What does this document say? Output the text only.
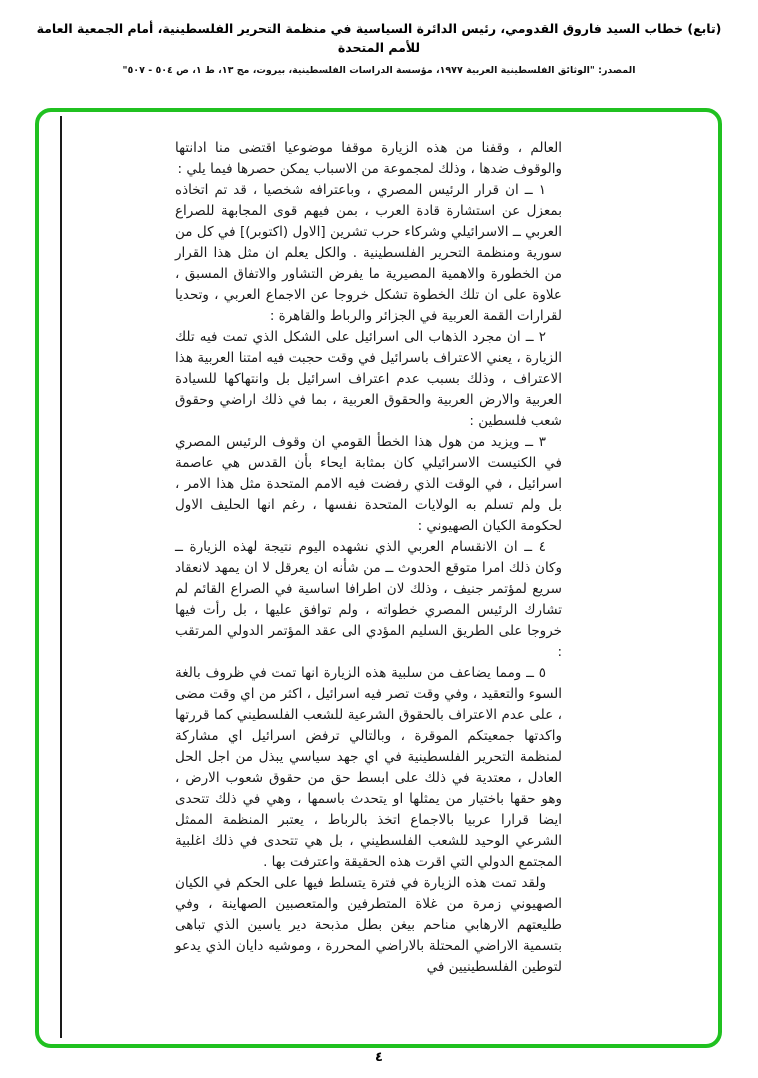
(تابع) خطاب السيد فاروق القدومي، رئيس الدائرة السياسية في منظمة التحرير الفلسطينية، أمام الجمعية العامة للأمم المتحدة
المصدر: "الوثائق الفلسطينية العربية ١٩٧٧، مؤسسة الدراسات الفلسطينية، بيروت، مج ١٣، ط ١، ص ٥٠٤ - ٥٠٧"

العالم ، وقفنا من هذه الزيارة موقفا موضوعيا اقتضى منا ادانتها والوقوف ضدها ، وذلك لمجموعة من الاسباب يمكن حصرها فيما يلي :

١ ــ ان قرار الرئيس المصري ، وباعترافه شخصيا ، قد تم اتخاذه بمعزل عن استشارة قادة العرب ، بمن فيهم قوى المجابهة للصراع العربي ــ الاسرائيلي وشركاء حرب تشرين [الاول (اكتوبر)] في كل من سورية ومنظمة التحرير الفلسطينية . والكل يعلم ان مثل هذا القرار من الخطورة والاهمية المصيرية ما يفرض التشاور والاتفاق المسبق ، علاوة على ان تلك الخطوة تشكل خروجا عن الاجماع العربي ، وتحديا لقرارات القمة العربية في الجزائر والرباط والقاهرة :

٢ ــ ان مجرد الذهاب الى اسرائيل على الشكل الذي تمت فيه تلك الزيارة ، يعني الاعتراف باسرائيل في وقت حجبت فيه امتنا العربية هذا الاعتراف ، وذلك بسبب عدم اعتراف اسرائيل بل وانتهاكها للسيادة العربية والارض العربية والحقوق العربية ، بما في ذلك اراضي وحقوق شعب فلسطين :

٣ ــ ويزيد من هول هذا الخطأ القومي ان وقوف الرئيس المصري في الكنيست الاسرائيلي كان بمثابة ايحاء بأن القدس هي عاصمة اسرائيل ، في الوقت الذي رفضت فيه الامم المتحدة مثل هذا الامر ، بل ولم تسلم به الولايات المتحدة نفسها ، رغم انها الحليف الاول لحكومة الكيان الصهيوني :

٤ ــ ان الانقسام العربي الذي نشهده اليوم نتيجة لهذه الزيارة ــ وكان ذلك امرا متوقع الحدوث ــ من شأنه ان يعرقل لا ان يمهد لانعقاد سريع لمؤتمر جنيف ، وذلك لان اطرافا اساسية في الصراع القائم لم تشارك الرئيس المصري خطواته ، ولم توافق عليها ، بل رأت فيها خروجا على الطريق السليم المؤدي الى عقد المؤتمر الدولي المرتقب :

٥ ــ ومما يضاعف من سلبية هذه الزيارة انها تمت في ظروف بالغة السوء والتعقيد ، وفي وقت تصر فيه اسرائيل ، اكثر من اي وقت مضى ، على عدم الاعتراف بالحقوق الشرعية للشعب الفلسطيني كما قررتها واكدتها جمعيتكم الموقرة ، وبالتالي ترفض اسرائيل اي مشاركة لمنظمة التحرير الفلسطينية في اي جهد سياسي يبذل من اجل الحل العادل ، معتدية في ذلك على ابسط حق من حقوق شعوب الارض ، وهو حقها باختيار من يمثلها او يتحدث باسمها ، وهي في ذلك تتحدى ايضا قرارا عربيا بالاجماع اتخذ بالرباط ، يعتبر المنظمة الممثل الشرعي الوحيد للشعب الفلسطيني ، بل هي تتحدى في ذلك اغلبية المجتمع الدولي التي اقرت هذه الحقيقة واعترفت بها .

ولقد تمت هذه الزيارة في فترة يتسلط فيها على الحكم في الكيان الصهيوني زمرة من غلاة المتطرفين والمتعصبين الصهاينة ، وفي طليعتهم الارهابي مناحم بيغن بطل مذبحة دير ياسين الذي تباهى بتسمية الاراضي المحتلة بالاراضي المحررة ، وموشيه دايان الذي يدعو لتوطين الفلسطينيين في

٤
